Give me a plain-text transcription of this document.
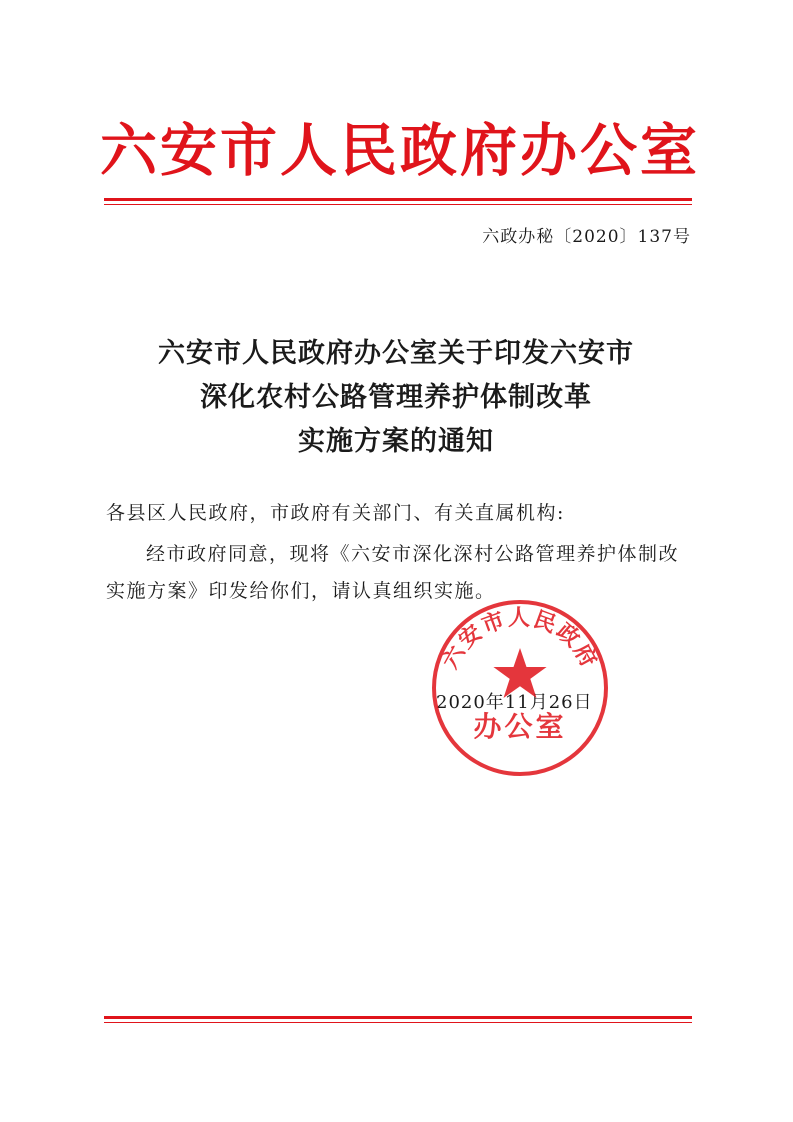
六安市人民政府办公室
六政办秘〔2020〕137号
六安市人民政府办公室关于印发六安市
深化农村公路管理养护体制改革
实施方案的通知
各县区人民政府，市政府有关部门、有关直属机构:
经市政府同意，现将《六安市深化深村公路管理养护体制改
实施方案》印发给你们，请认真组织实施。
2020年11月26日
六安市人民政府
办公室
